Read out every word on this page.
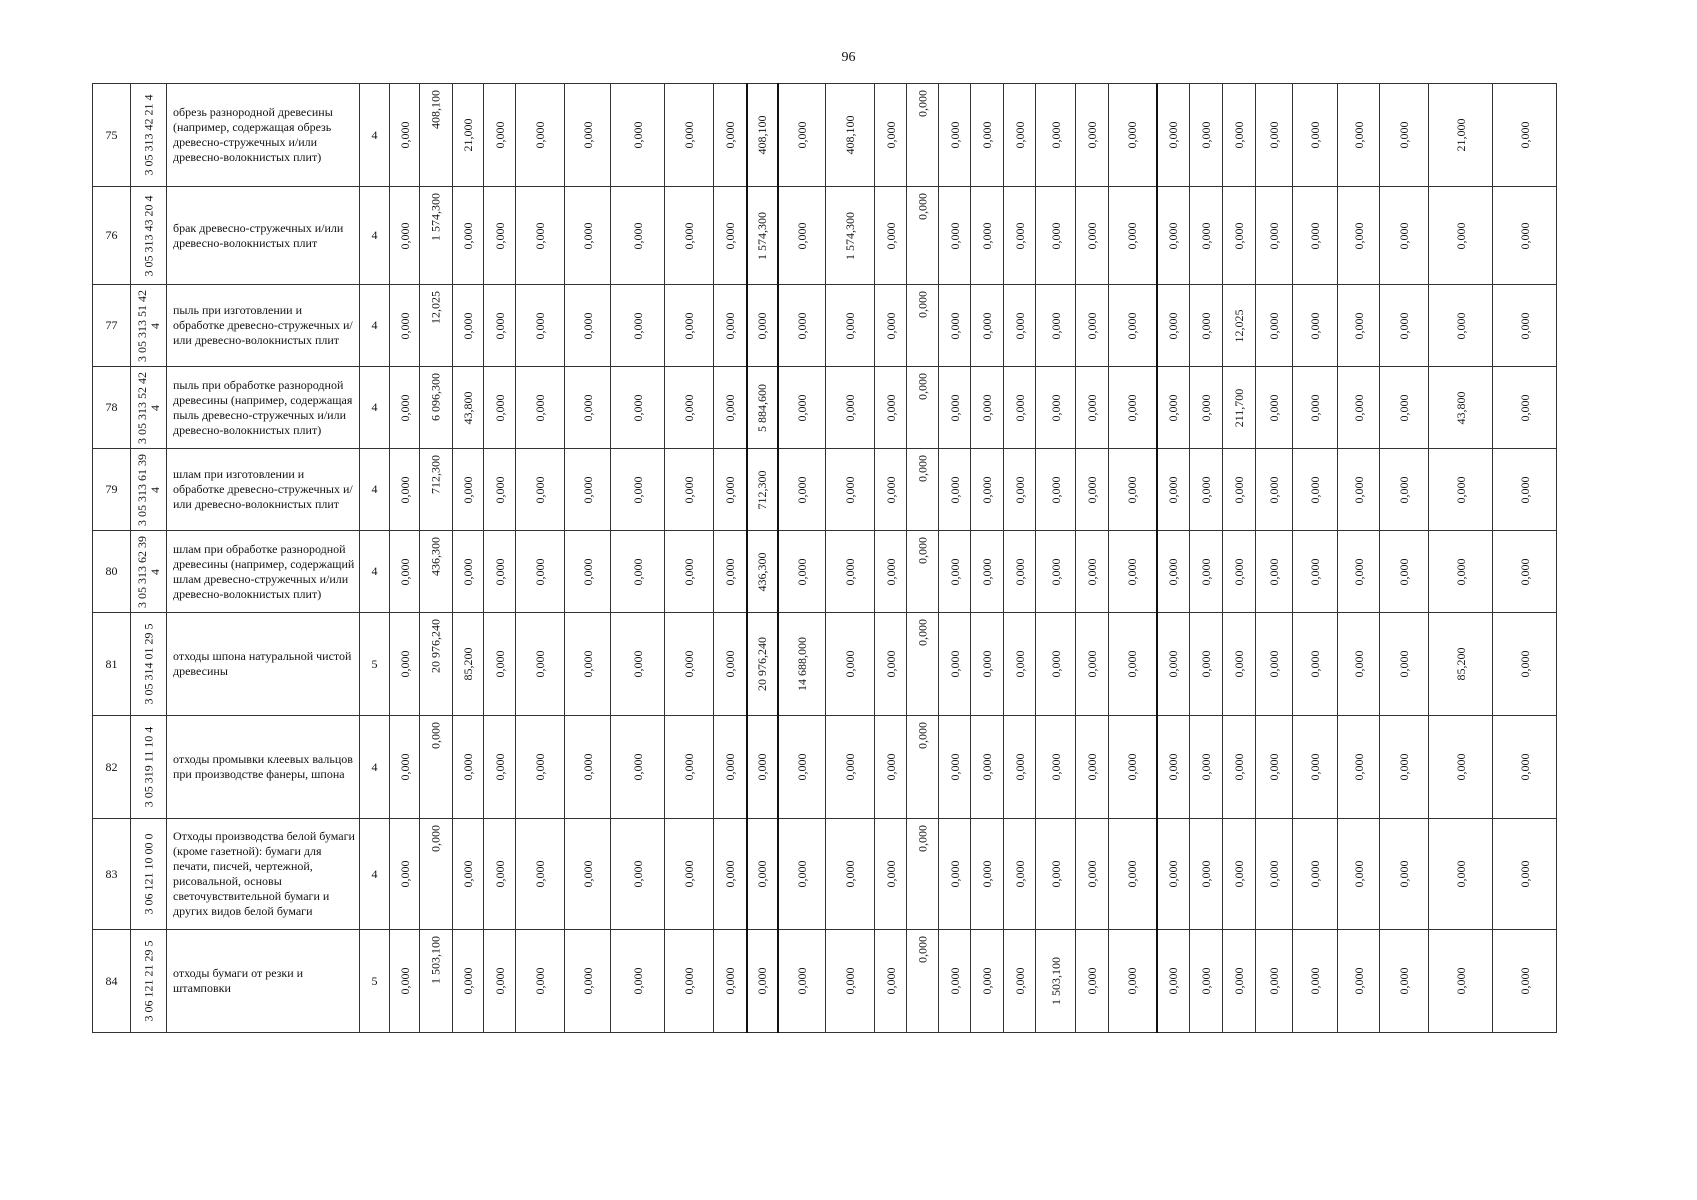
96
75	3 05 313 42 21 4	обрезь разнородной древесины (например, содержащая обрезь древесно-стружечных и/или древесно-волокнистых плит)	4	0,000	408,100	21,000	0,000	0,000	0,000	0,000	0,000	0,000	408,100	0,000	408,100	0,000	0,000	0,000	0,000	0,000	0,000	0,000	0,000	0,000	0,000	0,000	0,000	0,000	0,000	0,000	21,000	0,000

76	3 05 313 43 20 4	брак древесно-стружечных и/или древесно-волокнистых плит	4	0,000	1 574,300	0,000	0,000	0,000	0,000	0,000	0,000	0,000	1 574,300	0,000	1 574,300	0,000	0,000	0,000	0,000	0,000	0,000	0,000	0,000	0,000	0,000	0,000	0,000	0,000	0,000	0,000	0,000	0,000

77	3 05 313 51 42 4	пыль при изготовлении и обработке древесно-стружечных и/или древесно-волокнистых плит	4	0,000	12,025	0,000	0,000	0,000	0,000	0,000	0,000	0,000	0,000	0,000	0,000	0,000	0,000	0,000	0,000	0,000	0,000	0,000	0,000	0,000	0,000	12,025	0,000	0,000	0,000	0,000	0,000	0,000

78	3 05 313 52 42 4	пыль при обработке разнородной древесины (например, содержащая пыль древесно-стружечных и/или древесно-волокнистых плит)	4	0,000	6 096,300	43,800	0,000	0,000	0,000	0,000	0,000	0,000	5 884,600	0,000	0,000	0,000	0,000	0,000	0,000	0,000	0,000	0,000	0,000	0,000	0,000	211,700	0,000	0,000	0,000	0,000	43,800	0,000

79	3 05 313 61 39 4	шлам при изготовлении и обработке древесно-стружечных и/или древесно-волокнистых плит	4	0,000	712,300	0,000	0,000	0,000	0,000	0,000	0,000	0,000	712,300	0,000	0,000	0,000	0,000	0,000	0,000	0,000	0,000	0,000	0,000	0,000	0,000	0,000	0,000	0,000	0,000	0,000	0,000	0,000

80	3 05 313 62 39 4	шлам при обработке разнородной древесины (например, содержащий шлам древесно-стружечных и/или древесно-волокнистых плит)	4	0,000	436,300	0,000	0,000	0,000	0,000	0,000	0,000	0,000	436,300	0,000	0,000	0,000	0,000	0,000	0,000	0,000	0,000	0,000	0,000	0,000	0,000	0,000	0,000	0,000	0,000	0,000	0,000	0,000

81	3 05 314 01 29 5	отходы шпона натуральной чистой древесины	5	0,000	20 976,240	85,200	0,000	0,000	0,000	0,000	0,000	0,000	20 976,240	14 688,000	0,000	0,000	0,000	0,000	0,000	0,000	0,000	0,000	0,000	0,000	0,000	0,000	0,000	0,000	0,000	0,000	85,200	0,000

82	3 05 319 11 10 4	отходы промывки клеевых вальцов при производстве фанеры, шпона	4	0,000	0,000	0,000	0,000	0,000	0,000	0,000	0,000	0,000	0,000	0,000	0,000	0,000	0,000	0,000	0,000	0,000	0,000	0,000	0,000	0,000	0,000	0,000	0,000	0,000	0,000	0,000	0,000	0,000

83	3 06 121 10 00 0	Отходы производства белой бумаги (кроме газетной): бумаги для печати, писчей, чертежной, рисовальной, основы светочувствительной бумаги и других видов белой бумаги	4	0,000	0,000	0,000	0,000	0,000	0,000	0,000	0,000	0,000	0,000	0,000	0,000	0,000	0,000	0,000	0,000	0,000	0,000	0,000	0,000	0,000	0,000	0,000	0,000	0,000	0,000	0,000	0,000	0,000

84	3 06 121 21 29 5	отходы бумаги от резки и штамповки	5	0,000	1 503,100	0,000	0,000	0,000	0,000	0,000	0,000	0,000	0,000	0,000	0,000	0,000	0,000	0,000	0,000	0,000	1 503,100	0,000	0,000	0,000	0,000	0,000	0,000	0,000	0,000	0,000	0,000	0,000
